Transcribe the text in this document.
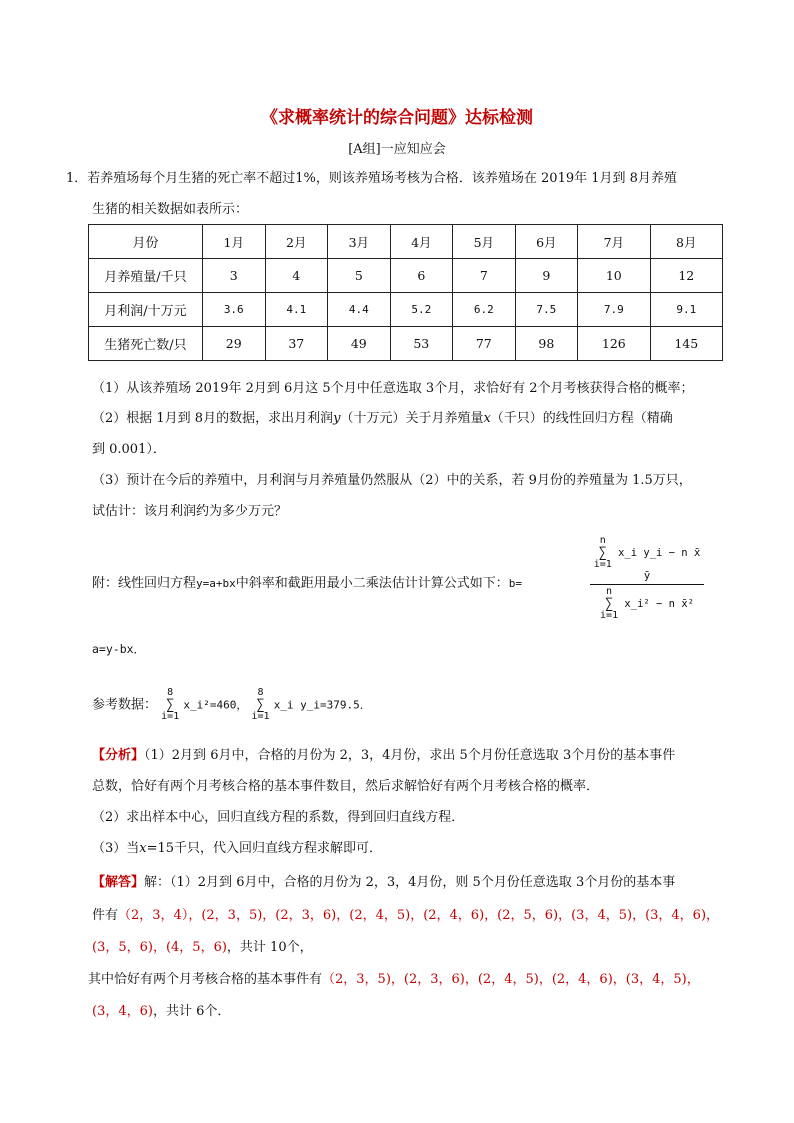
《求概率统计的综合问题》达标检测
[A组]一应知应会
1．若养殖场每个月生猪的死亡率不超过1%，则该养殖场考核为合格．该养殖场在 2019年 1月到 8月养殖
生猪的相关数据如表所示：
月份	1月	2月	3月	4月	5月	6月	7月	8月
月养殖量/千只	3	4	5	6	7	9	10	12
月利润/十万元	3.6	4.1	4.4	5.2	6.2	7.5	7.9	9.1
生猪死亡数/只	29	37	49	53	77	98	126	145
（1）从该养殖场 2019年 2月到 6月这 5个月中任意选取 3个月，求恰好有 2个月考核获得合格的概率；
（2）根据 1月到 8月的数据，求出月利润y（十万元）关于月养殖量x（千只）的线性回归方程（精确
到 0.001）．
（3）预计在今后的养殖中，月利润与月养殖量仍然服从（2）中的关系，若 9月份的养殖量为 1.5万只，
试估计：该月利润约为多少万元？
附：线性回归方程y=a+bx中斜率和截距用最小二乘法估计计算公式如下：b=
n
∑
i=1 x_i y_i − n x̄ ȳ
n
∑
i=1 x_i² − n x̄²
a=y-bx．
参考数据： 8
∑
i=1 x_i²=460， 8
∑
i=1 x_i y_i=379.5．
【分析】（1）2月到 6月中，合格的月份为 2，3，4月份，求出 5个月份任意选取 3个月份的基本事件
总数，恰好有两个月考核合格的基本事件数目，然后求解恰好有两个月考核合格的概率．
（2）求出样本中心，回归直线方程的系数，得到回归直线方程．
（3）当x=15千只，代入回归直线方程求解即可．
【解答】解：（1）2月到 6月中，合格的月份为 2，3，4月份，则 5个月份任意选取 3个月份的基本事
件有（2，3，4），(2，3，5)，(2，3，6)，(2，4，5)，(2，4，6)，(2，5，6)，(3，4，5)，(3，4，6)，
(3，5，6)，(4，5，6)，共计 10个，
其中恰好有两个月考核合格的基本事件有（2，3，5)，(2，3，6)，(2，4，5)，(2，4，6)，(3，4，5)，
(3，4，6)，共计 6个．
